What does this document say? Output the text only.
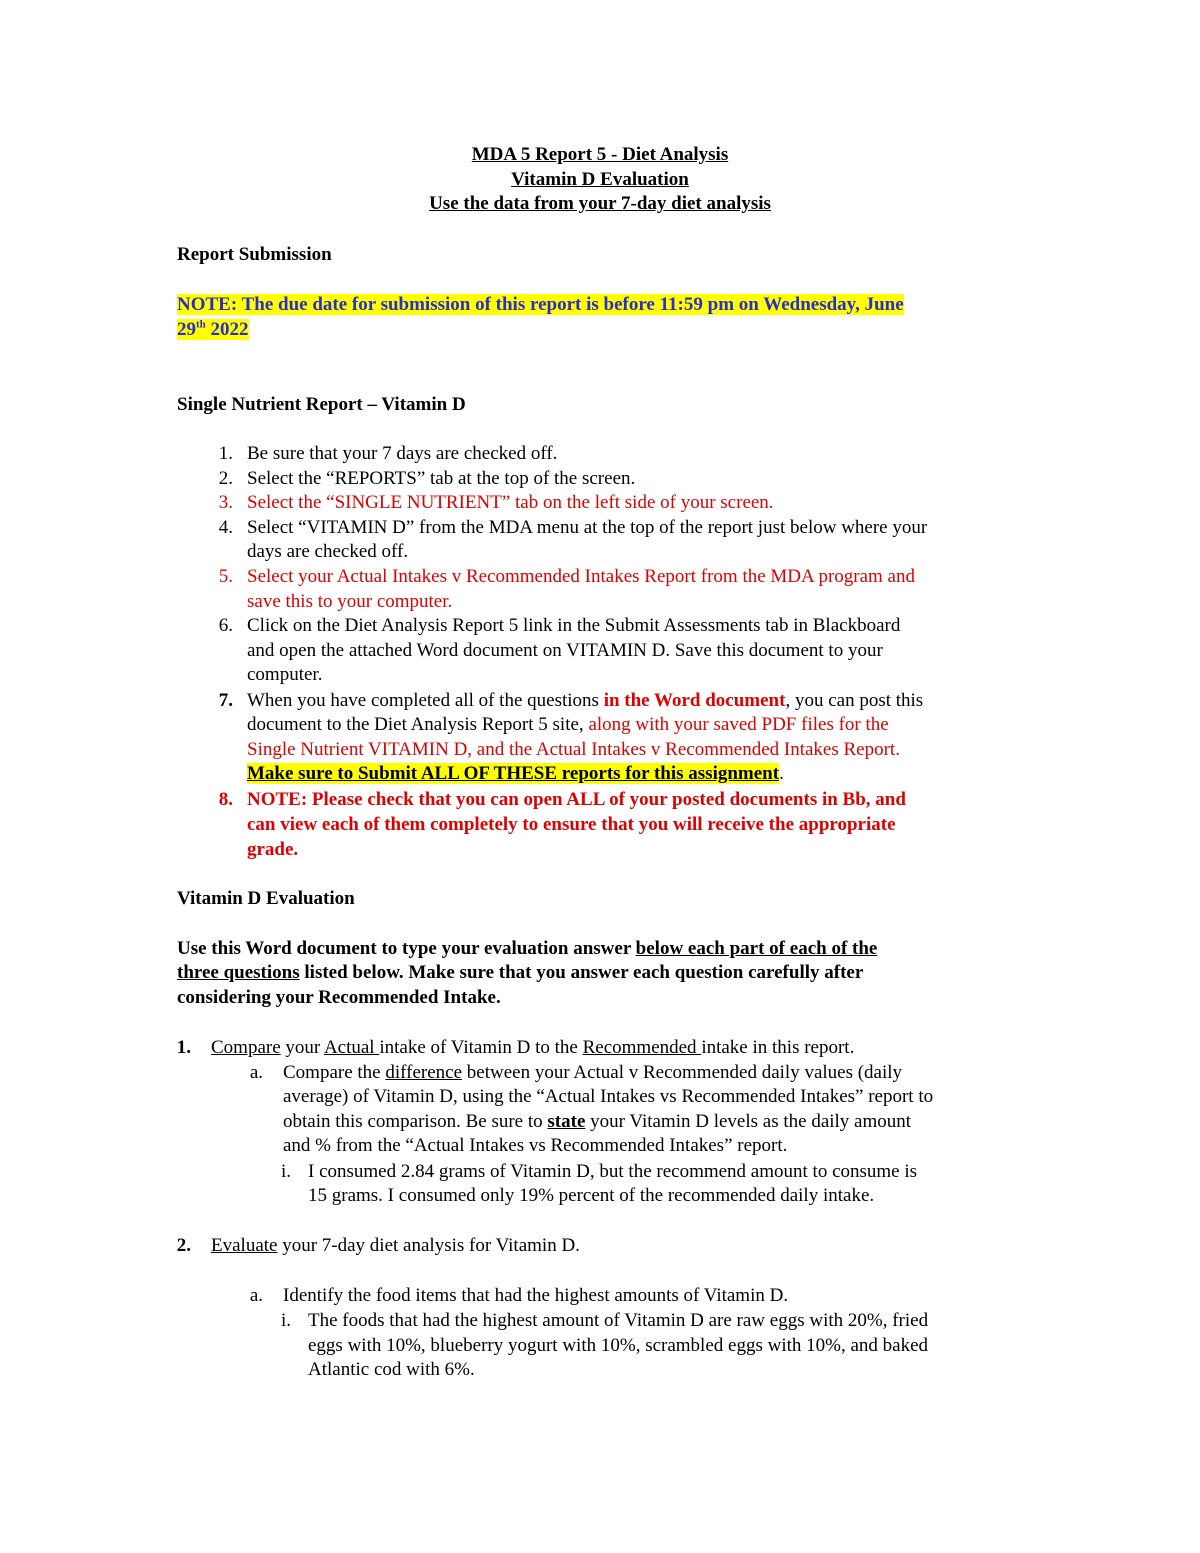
MDA 5 Report 5 - Diet Analysis
Vitamin D Evaluation
Use the data from your 7-day diet analysis
Report Submission
NOTE: The due date for submission of this report is before 11:59 pm on Wednesday, June
29th 2022
Single Nutrient Report – Vitamin D
1. Be sure that your 7 days are checked off.
2. Select the “REPORTS” tab at the top of the screen.
3. Select the “SINGLE NUTRIENT” tab on the left side of your screen.
4. Select “VITAMIN D” from the MDA menu at the top of the report just below where your
days are checked off.
5. Select your Actual Intakes v Recommended Intakes Report from the MDA program and
save this to your computer.
6. Click on the Diet Analysis Report 5 link in the Submit Assessments tab in Blackboard
and open the attached Word document on VITAMIN D. Save this document to your
computer.
7. When you have completed all of the questions in the Word document, you can post this
document to the Diet Analysis Report 5 site, along with your saved PDF files for the
Single Nutrient VITAMIN D, and the Actual Intakes v Recommended Intakes Report.
Make sure to Submit ALL OF THESE reports for this assignment.
8. NOTE: Please check that you can open ALL of your posted documents in Bb, and
can view each of them completely to ensure that you will receive the appropriate
grade.
Vitamin D Evaluation
Use this Word document to type your evaluation answer below each part of each of the
three questions listed below. Make sure that you answer each question carefully after
considering your Recommended Intake.
1. Compare your Actual intake of Vitamin D to the Recommended intake in this report.
a. Compare the difference between your Actual v Recommended daily values (daily
average) of Vitamin D, using the “Actual Intakes vs Recommended Intakes” report to
obtain this comparison. Be sure to state your Vitamin D levels as the daily amount
and % from the “Actual Intakes vs Recommended Intakes” report.
i. I consumed 2.84 grams of Vitamin D, but the recommend amount to consume is
15 grams. I consumed only 19% percent of the recommended daily intake.
2. Evaluate your 7-day diet analysis for Vitamin D.
a. Identify the food items that had the highest amounts of Vitamin D.
i. The foods that had the highest amount of Vitamin D are raw eggs with 20%, fried
eggs with 10%, blueberry yogurt with 10%, scrambled eggs with 10%, and baked
Atlantic cod with 6%.
